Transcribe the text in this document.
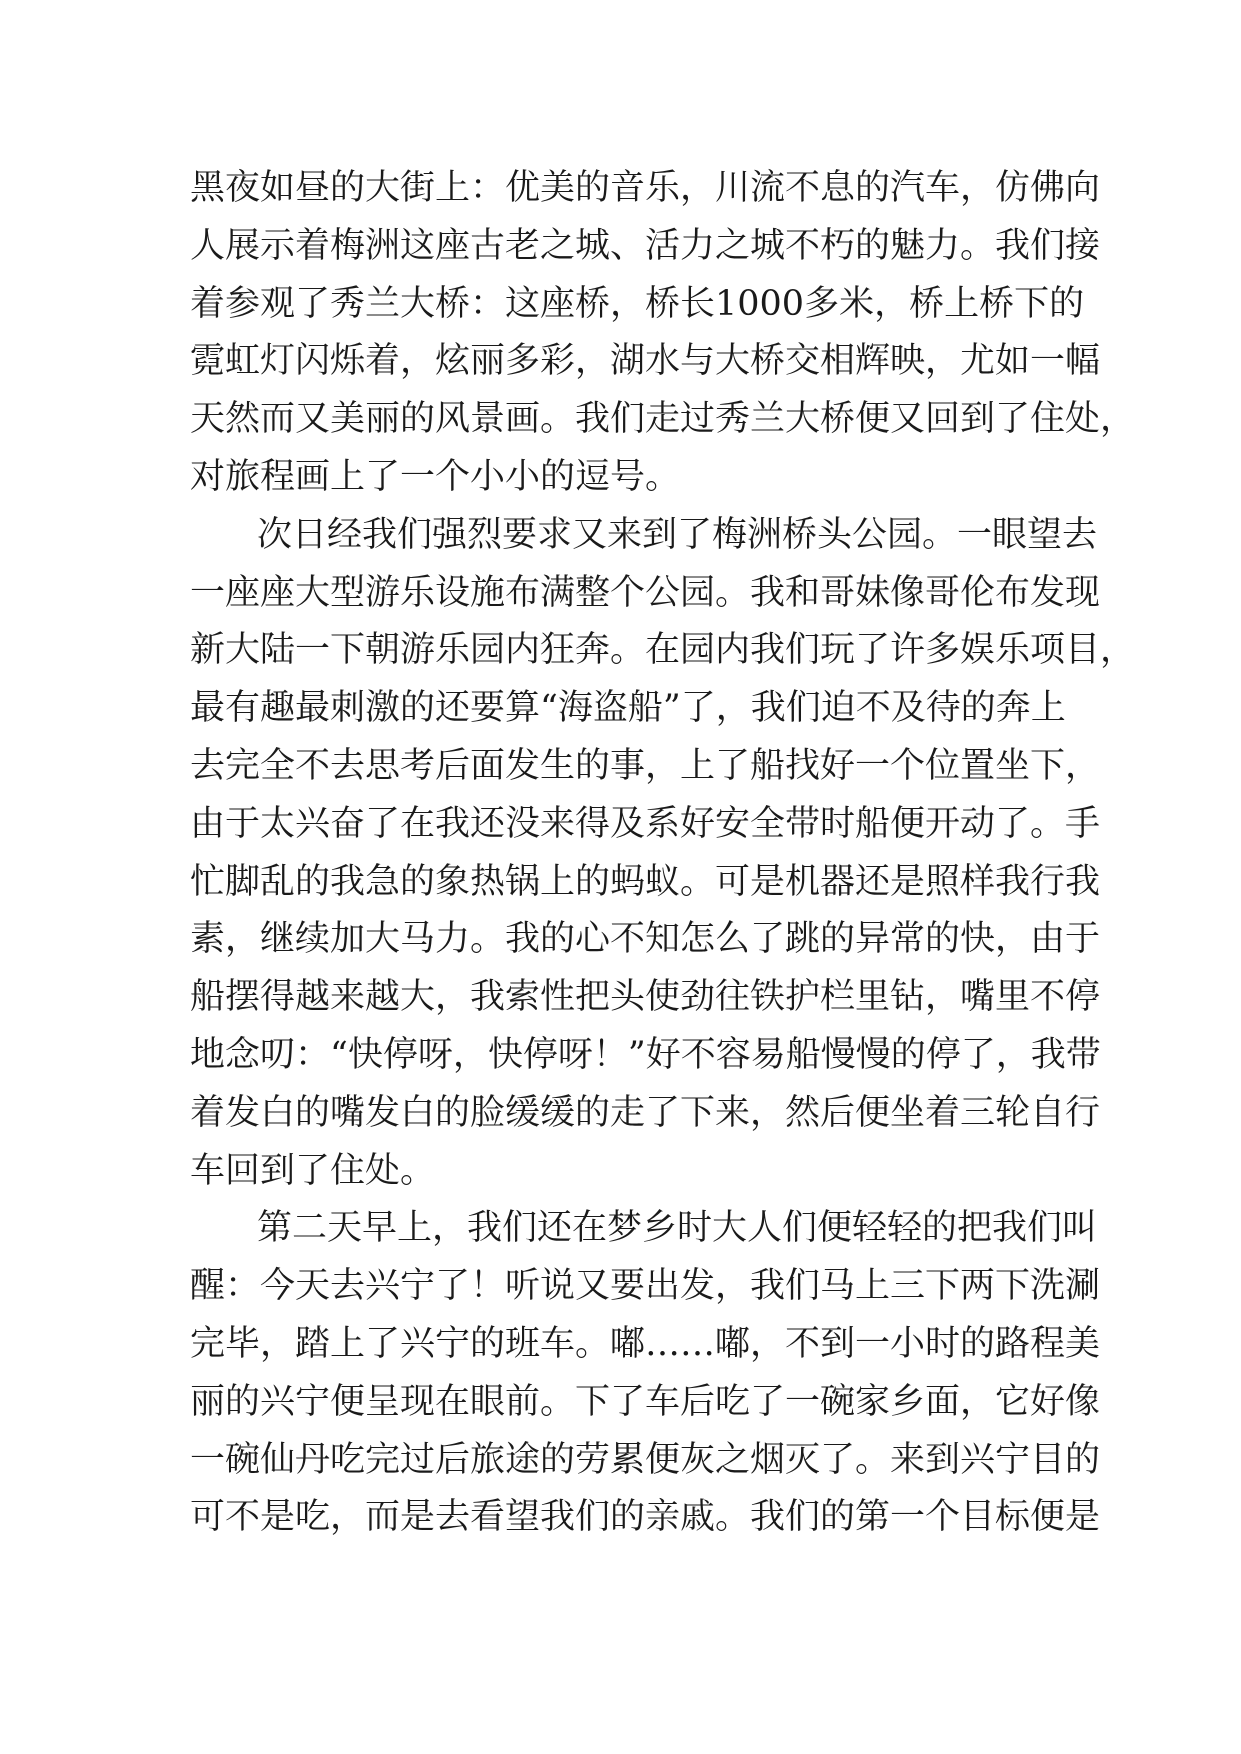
黑夜如昼的大街上：优美的音乐，川流不息的汽车，仿佛向
人展示着梅洲这座古老之城、活力之城不朽的魅力。我们接
着参观了秀兰大桥：这座桥，桥长1000多米，桥上桥下的
霓虹灯闪烁着，炫丽多彩，湖水与大桥交相辉映，尤如一幅
天然而又美丽的风景画。我们走过秀兰大桥便又回到了住处，
对旅程画上了一个小小的逗号。
次日经我们强烈要求又来到了梅洲桥头公园。一眼望去
一座座大型游乐设施布满整个公园。我和哥妹像哥伦布发现
新大陆一下朝游乐园内狂奔。在园内我们玩了许多娱乐项目，
最有趣最刺激的还要算“海盗船”了，我们迫不及待的奔上
去完全不去思考后面发生的事，上了船找好一个位置坐下，
由于太兴奋了在我还没来得及系好安全带时船便开动了。手
忙脚乱的我急的象热锅上的蚂蚁。可是机器还是照样我行我
素，继续加大马力。我的心不知怎么了跳的异常的快，由于
船摆得越来越大，我索性把头使劲往铁护栏里钻，嘴里不停
地念叨：“快停呀，快停呀！”好不容易船慢慢的停了，我带
着发白的嘴发白的脸缓缓的走了下来，然后便坐着三轮自行
车回到了住处。
第二天早上，我们还在梦乡时大人们便轻轻的把我们叫
醒：今天去兴宁了！听说又要出发，我们马上三下两下洗涮
完毕，踏上了兴宁的班车。嘟……嘟，不到一小时的路程美
丽的兴宁便呈现在眼前。下了车后吃了一碗家乡面，它好像
一碗仙丹吃完过后旅途的劳累便灰之烟灭了。来到兴宁目的
可不是吃，而是去看望我们的亲戚。我们的第一个目标便是
